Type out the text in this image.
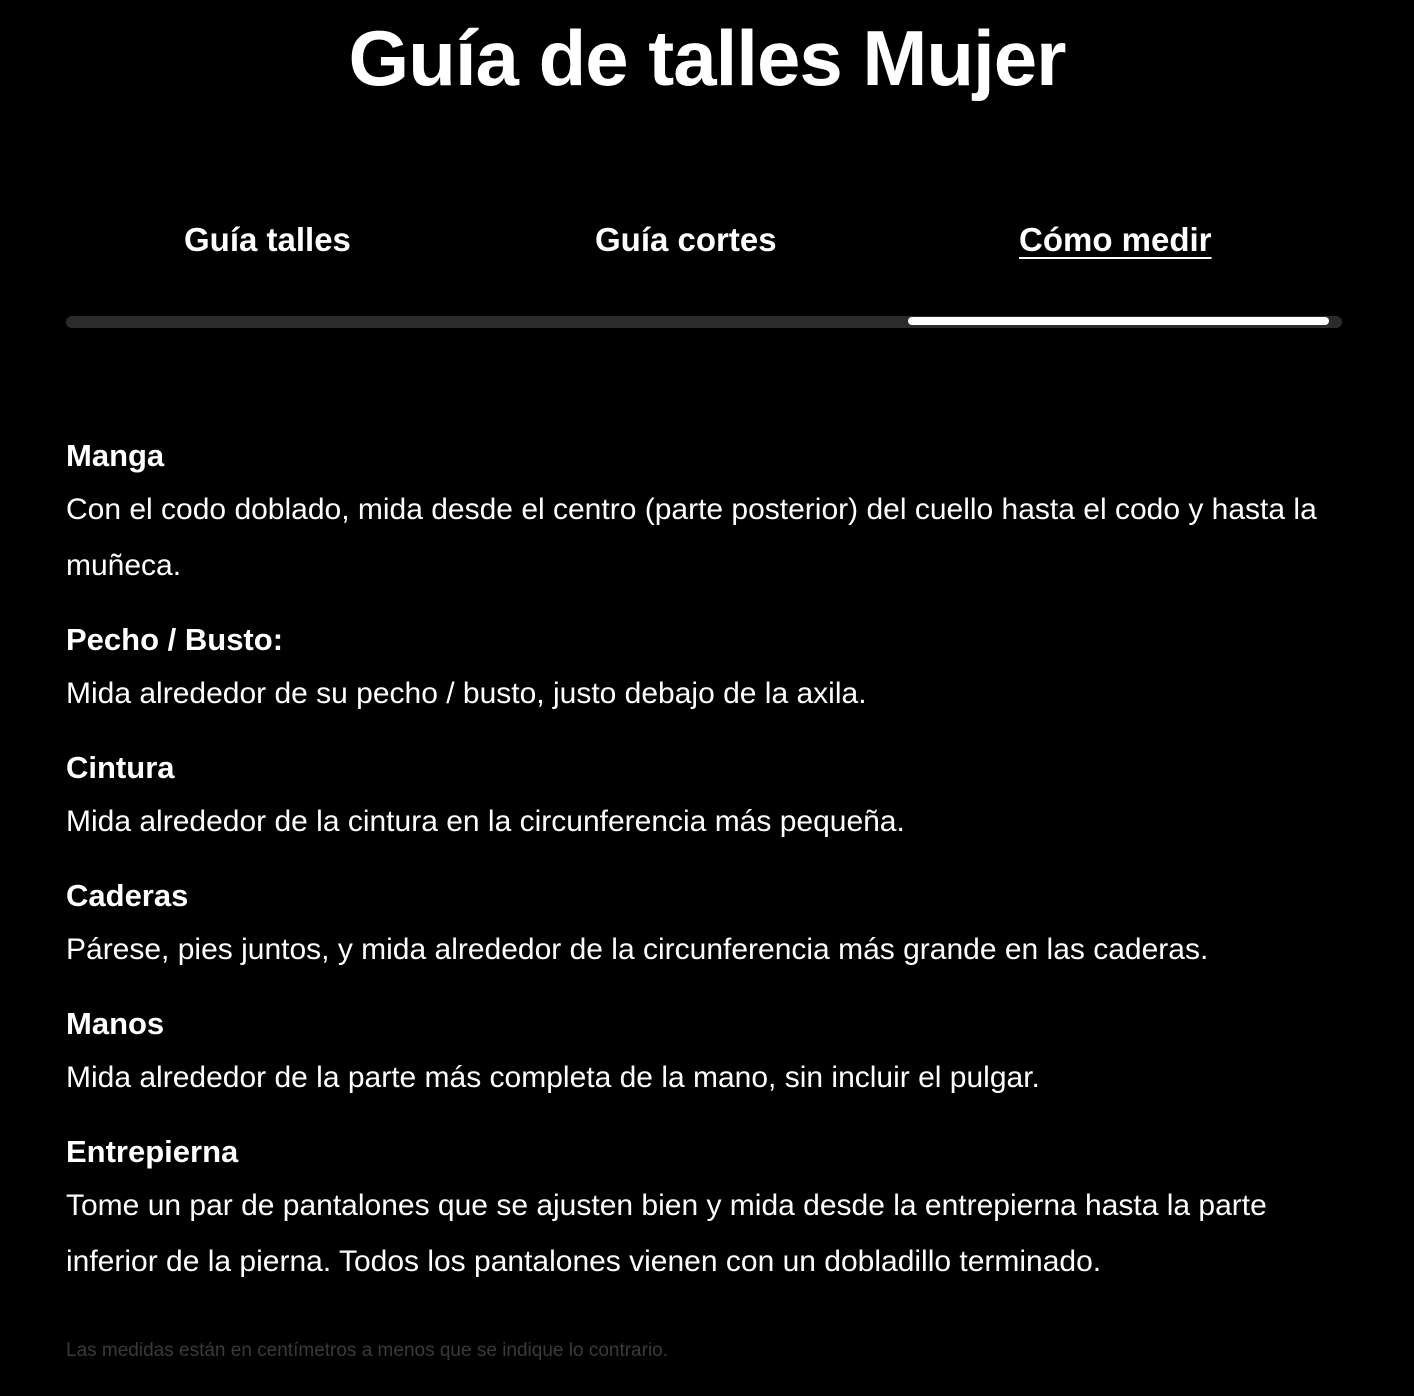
Guía de talles Mujer
Guía talles	Guía cortes	Cómo medir
Manga

Con el codo doblado, mida desde el centro (parte posterior) del cuello hasta el codo y hasta la muñeca.

Pecho / Busto:

Mida alrededor de su pecho / busto, justo debajo de la axila.

Cintura

Mida alrededor de la cintura en la circunferencia más pequeña.

Caderas

Párese, pies juntos, y mida alrededor de la circunferencia más grande en las caderas.

Manos

Mida alrededor de la parte más completa de la mano, sin incluir el pulgar.

Entrepierna

Tome un par de pantalones que se ajusten bien y mida desde la entrepierna hasta la parte inferior de la pierna. Todos los pantalones vienen con un dobladillo terminado.

Las medidas están en centímetros a menos que se indique lo contrario.
